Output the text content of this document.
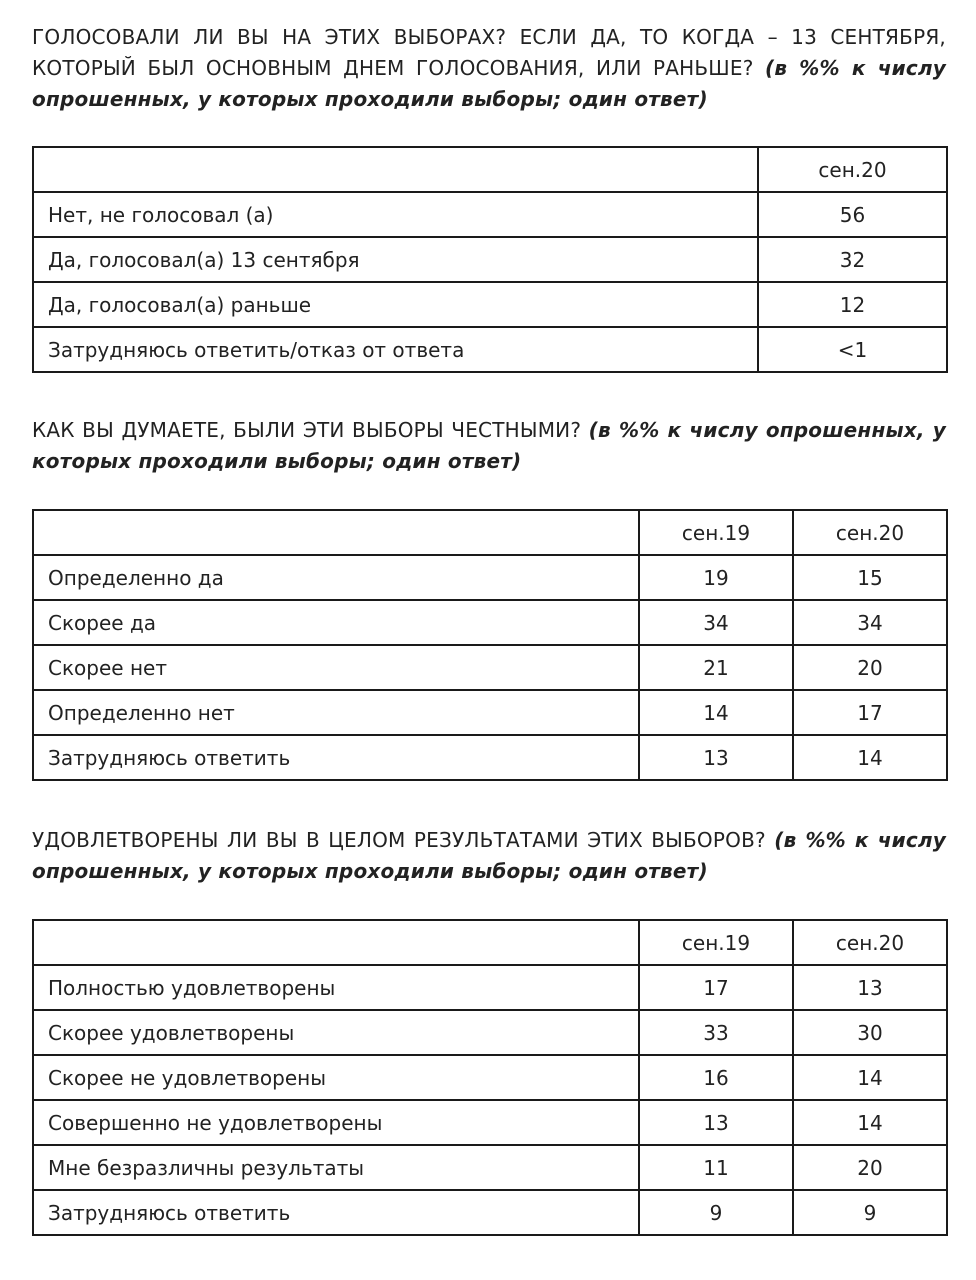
ГОЛОСОВАЛИ ЛИ ВЫ НА ЭТИХ ВЫБОРАХ? ЕСЛИ ДА, ТО КОГДА – 13 СЕНТЯБРЯ, КОТОРЫЙ БЫЛ ОСНОВНЫМ ДНЕМ ГОЛОСОВАНИЯ, ИЛИ РАНЬШЕ? (в %% к числу опрошенных, у которых проходили выборы; один ответ)

	сен.20
Нет, не голосовал (а)	56
Да, голосовал(а) 13 сентября	32
Да, голосовал(а) раньше	12
Затрудняюсь ответить/отказ от ответа	<1

КАК ВЫ ДУМАЕТЕ, БЫЛИ ЭТИ ВЫБОРЫ ЧЕСТНЫМИ? (в %% к числу опрошенных, у которых проходили выборы; один ответ)

	сен.19	сен.20
Определенно да	19	15
Скорее да	34	34
Скорее нет	21	20
Определенно нет	14	17
Затрудняюсь ответить	13	14

УДОВЛЕТВОРЕНЫ ЛИ ВЫ В ЦЕЛОМ РЕЗУЛЬТАТАМИ ЭТИХ ВЫБОРОВ? (в %% к числу опрошенных, у которых проходили выборы; один ответ)

	сен.19	сен.20
Полностью удовлетворены	17	13
Скорее удовлетворены	33	30
Скорее не удовлетворены	16	14
Совершенно не удовлетворены	13	14
Мне безразличны результаты	11	20
Затрудняюсь ответить	9	9
